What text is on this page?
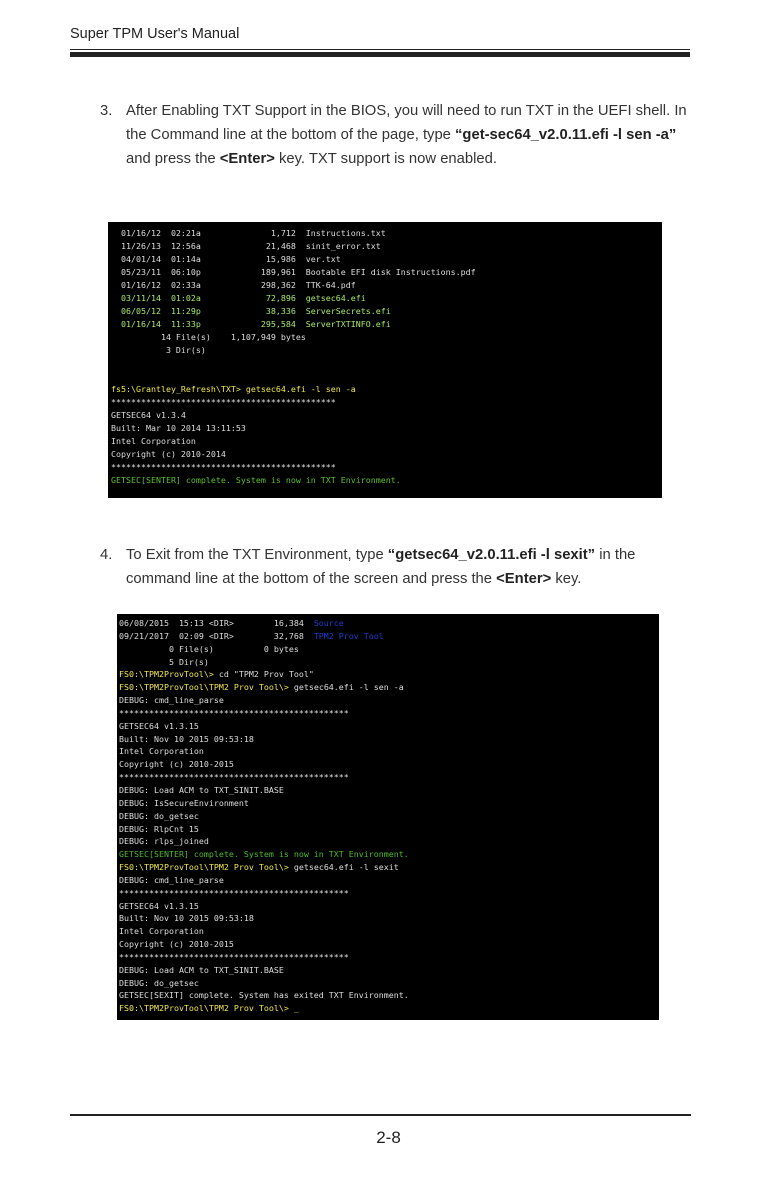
Super TPM User's Manual
3. After Enabling TXT Support in the BIOS, you will need to run TXT in the UEFI shell. In the Command line at the bottom of the page, type “get-sec64_v2.0.11.efi -l sen -a” and press the <Enter> key. TXT support is now enabled.
01/16/12  02:21a              1,712  Instructions.txt
11/26/13  12:56a             21,468  sinit_error.txt
04/01/14  01:14a             15,986  ver.txt
05/23/11  06:10p            189,961  Bootable EFI disk Instructions.pdf
01/16/12  02:33a            298,362  TTK-64.pdf
03/11/14  01:02a             72,896  getsec64.efi
06/05/12  11:29p             38,336  ServerSecrets.efi
01/16/14  11:33p            295,584  ServerTXTINFO.efi
14 File(s)    1,107,949 bytes
3 Dir(s)
fs5:\Grantley_Refresh\TXT> getsec64.efi -l sen -a
*********************************************
GETSEC64 v1.3.4
Built: Mar 10 2014 13:11:53
Intel Corporation
Copyright (c) 2010-2014
*********************************************
GETSEC[SENTER] complete. System is now in TXT Environment.
4. To Exit from the TXT Environment, type “getsec64_v2.0.11.efi -l sexit” in the command line at the bottom of the screen and press the <Enter> key.
06/08/2015  15:13 <DIR>        16,384  Source
09/21/2017  02:09 <DIR>        32,768  TPM2 Prov Tool
0 File(s)          0 bytes
5 Dir(s)
FS0:\TPM2ProvTool\> cd "TPM2 Prov Tool"
FS0:\TPM2ProvTool\TPM2 Prov Tool\> getsec64.efi -l sen -a
DEBUG: cmd_line_parse
**********************************************
GETSEC64 v1.3.15
Built: Nov 10 2015 09:53:18
Intel Corporation
Copyright (c) 2010-2015
**********************************************
DEBUG: Load ACM to TXT_SINIT.BASE
DEBUG: IsSecureEnvironment
DEBUG: do_getsec
DEBUG: RlpCnt 15
DEBUG: rlps_joined
GETSEC[SENTER] complete. System is now in TXT Environment.
FS0:\TPM2ProvTool\TPM2 Prov Tool\> getsec64.efi -l sexit
DEBUG: cmd_line_parse
**********************************************
GETSEC64 v1.3.15
Built: Nov 10 2015 09:53:18
Intel Corporation
Copyright (c) 2010-2015
**********************************************
DEBUG: Load ACM to TXT_SINIT.BASE
DEBUG: do_getsec
GETSEC[SEXIT] complete. System has exited TXT Environment.
FS0:\TPM2ProvTool\TPM2 Prov Tool\> _
2-8
